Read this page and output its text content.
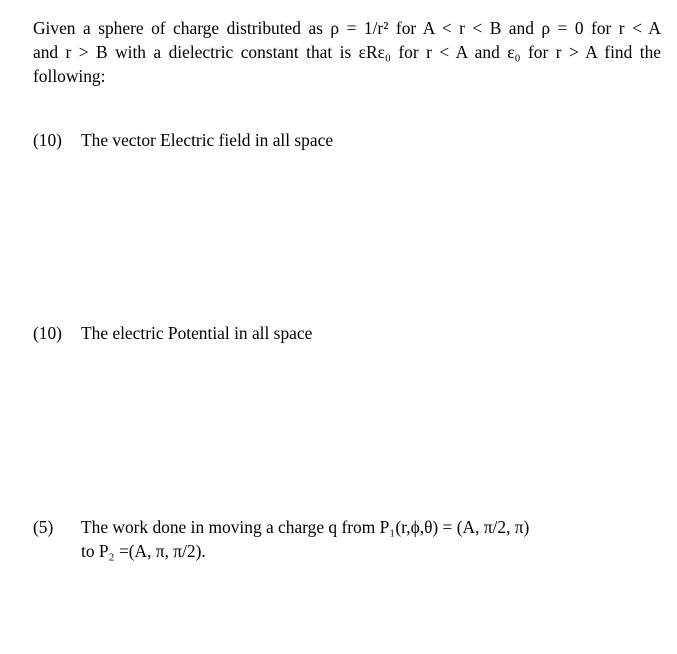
Given a sphere of charge distributed as ρ = 1/r² for A < r < B and ρ = 0 for r < A
and r > B with a dielectric constant that is εRε₀ for r < A and ε₀ for r > A find the
following:
(10) The vector Electric field in all space
(10) The electric Potential in all space
(5) The work done in moving a charge q from P₁(r,ϕ,θ) = (A, π/2, π)
to P₂ =(A, π, π/2).
